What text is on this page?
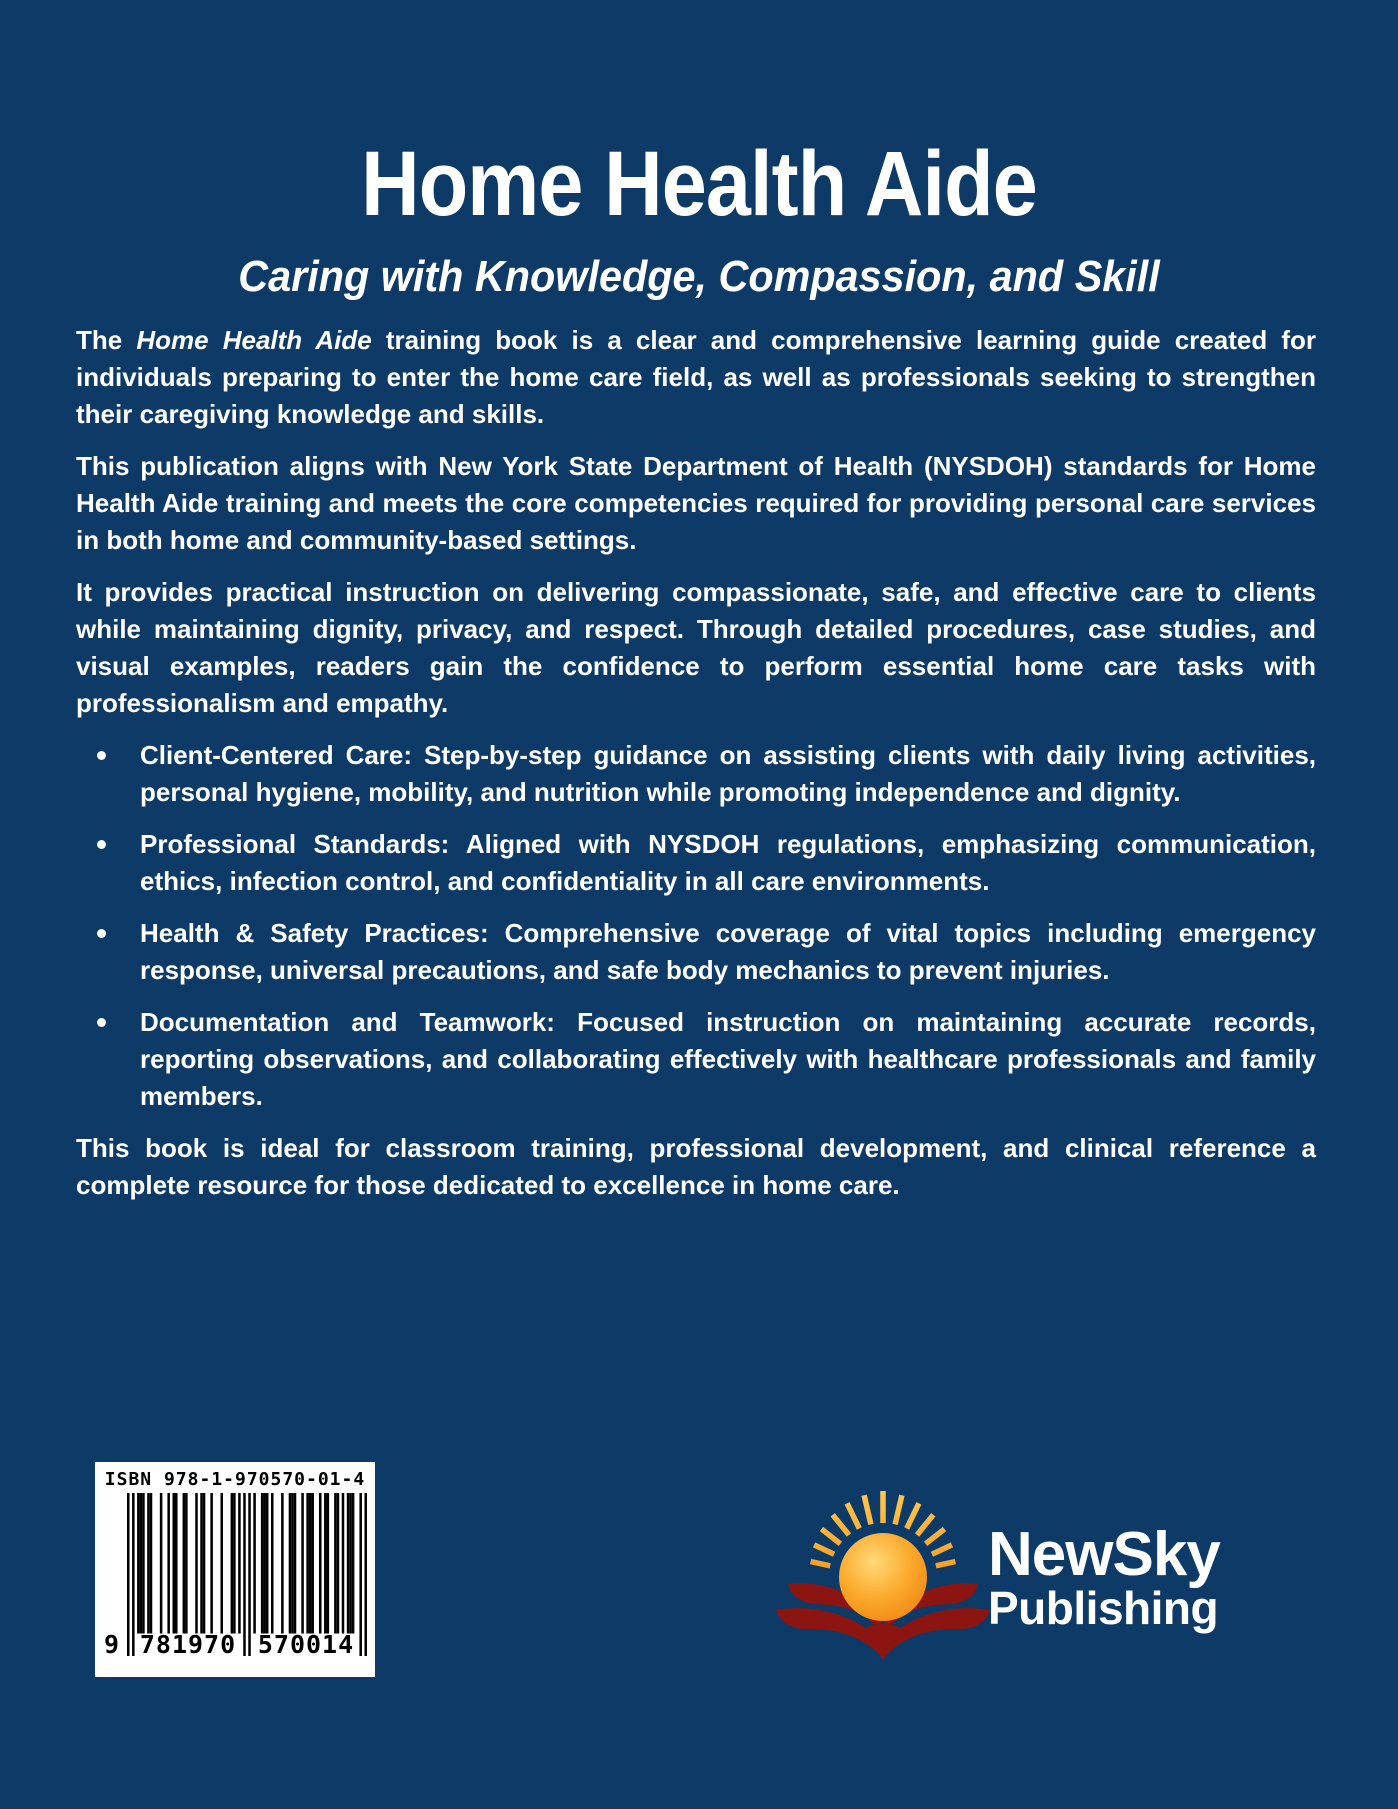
Home Health Aide
Caring with Knowledge, Compassion, and Skill

The Home Health Aide training book is a clear and comprehensive learning guide created for individuals preparing to enter the home care field, as well as professionals seeking to strengthen their caregiving knowledge and skills.

This publication aligns with New York State Department of Health (NYSDOH) standards for Home Health Aide training and meets the core competencies required for providing personal care services in both home and community-based settings.

It provides practical instruction on delivering compassionate, safe, and effective care to clients while maintaining dignity, privacy, and respect. Through detailed procedures, case studies, and visual examples, readers gain the confidence to perform essential home care tasks with professionalism and empathy.

Client-Centered Care: Step-by-step guidance on assisting clients with daily living activities, personal hygiene, mobility, and nutrition while promoting independence and dignity.
Professional Standards: Aligned with NYSDOH regulations, emphasizing communication, ethics, infection control, and confidentiality in all care environments.
Health & Safety Practices: Comprehensive coverage of vital topics including emergency response, universal precautions, and safe body mechanics to prevent injuries.
Documentation and Teamwork: Focused instruction on maintaining accurate records, reporting observations, and collaborating effectively with healthcare professionals and family members.

This book is ideal for classroom training, professional development, and clinical reference a complete resource for those dedicated to excellence in home care.

ISBN 978-1-970570-01-4
9 781970 570014
NewSky
Publishing
